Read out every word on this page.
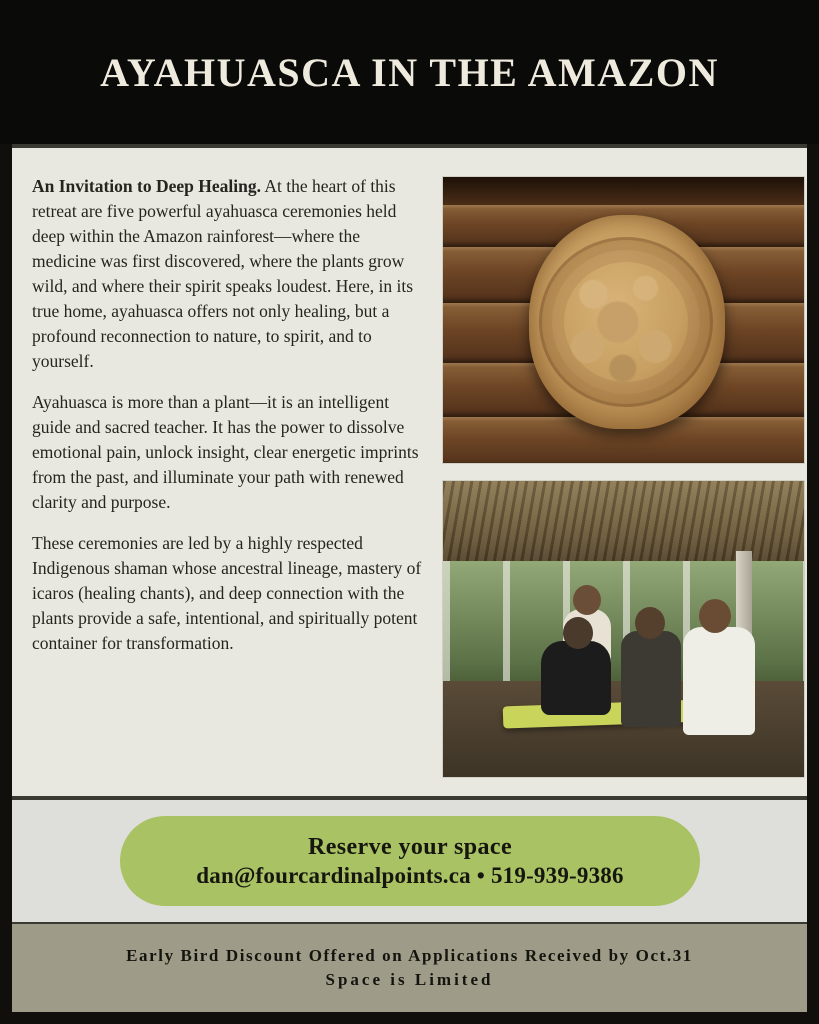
AYAHUASCA IN THE AMAZON

An Invitation to Deep Healing. At the heart of this retreat are five powerful ayahuasca ceremonies held deep within the Amazon rainforest—where the medicine was first discovered, where the plants grow wild, and where their spirit speaks loudest. Here, in its true home, ayahuasca offers not only healing, but a profound reconnection to nature, to spirit, and to yourself.

Ayahuasca is more than a plant—it is an intelligent guide and sacred teacher. It has the power to dissolve emotional pain, unlock insight, clear energetic imprints from the past, and illuminate your path with renewed clarity and purpose.

These ceremonies are led by a highly respected Indigenous shaman whose ancestral lineage, mastery of icaros (healing chants), and deep connection with the plants provide a safe, intentional, and spiritually potent container for transformation.

Reserve your space
dan@fourcardinalpoints.ca • 519-939-9386
Early Bird Discount Offered on Applications Received by Oct.31
Space is Limited
